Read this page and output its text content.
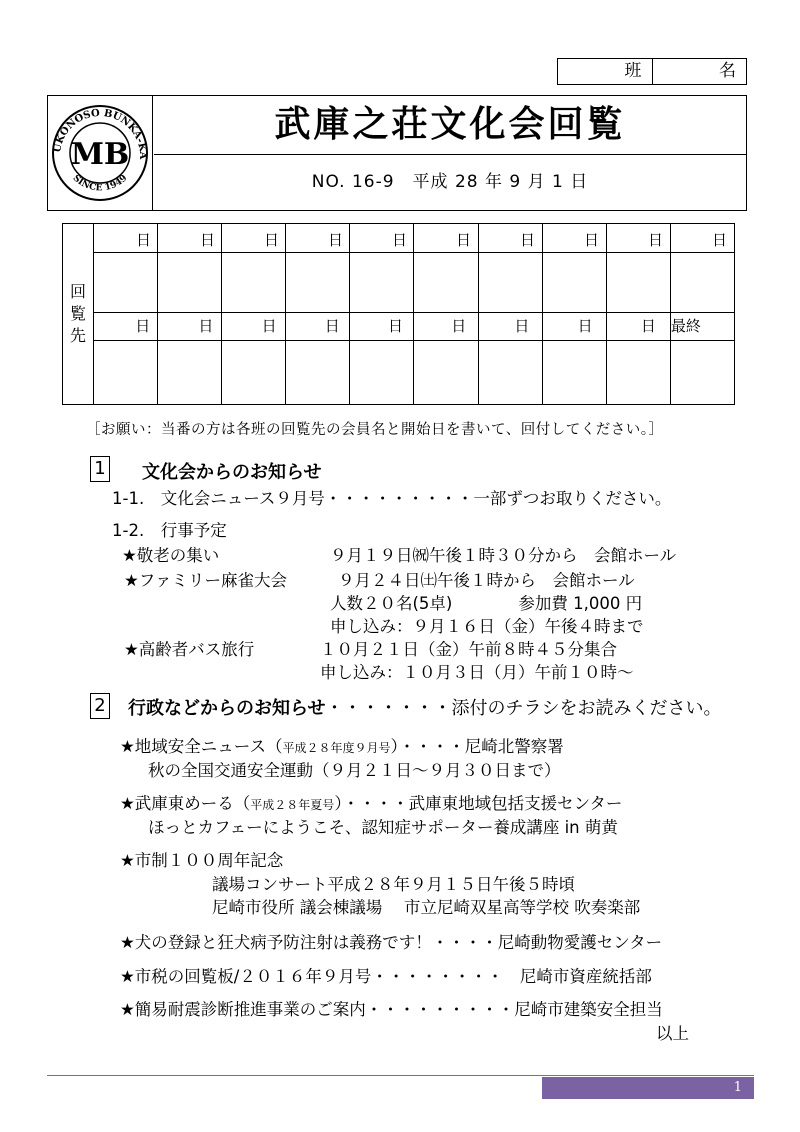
班	名
UKONOSO BUNKA-KA
SINCE 1949
MB
武庫之荘文化会回覧
NO. 16-9　平成 28 年 9 月 1 日
回
覧
先
日	日	日	日	日	日	日	日	日	日
日	日	日	日	日	日	日	日	日	最終
［お願い：当番の方は各班の回覧先の会員名と開始日を書いて、回付してください。］
1 文化会からのお知らせ
1-1.　文化会ニュース９月号・・・・・・・・・一部ずつお取りください。
1-2.　行事予定
★敬老の集い	９月１９日㈷午後１時３０分から　会館ホール
★ファミリー麻雀大会	９月２４日㈯午後１時から　会館ホール
人数２０名(5卓)　　　　参加費 1,000 円
申し込み：９月１６日（金）午後４時まで
★高齢者バス旅行	１０月２１日（金）午前８時４５分集合
申し込み：１０月３日（月）午前１０時～
2 行政などからのお知らせ・・・・・・・添付のチラシをお読みください。
★地域安全ニュース（平成２８年度９月号）・・・・尼崎北警察署
秋の全国交通安全運動（９月２１日～９月３０日まで）
★武庫東めーる（平成２８年夏号）・・・・武庫東地域包括支援センター
ほっとカフェーにようこそ、認知症サポーター養成講座 in 萌黄
★市制１００周年記念
議場コンサート平成２８年９月１５日午後５時頃
尼崎市役所 議会棟議場　 市立尼崎双星高等学校 吹奏楽部
★犬の登録と狂犬病予防注射は義務です！・・・・尼崎動物愛護センター
★市税の回覧板/２０１６年９月号・・・・・・・・　尼崎市資産統括部
★簡易耐震診断推進事業のご案内・・・・・・・・・尼崎市建築安全担当
以上
1
